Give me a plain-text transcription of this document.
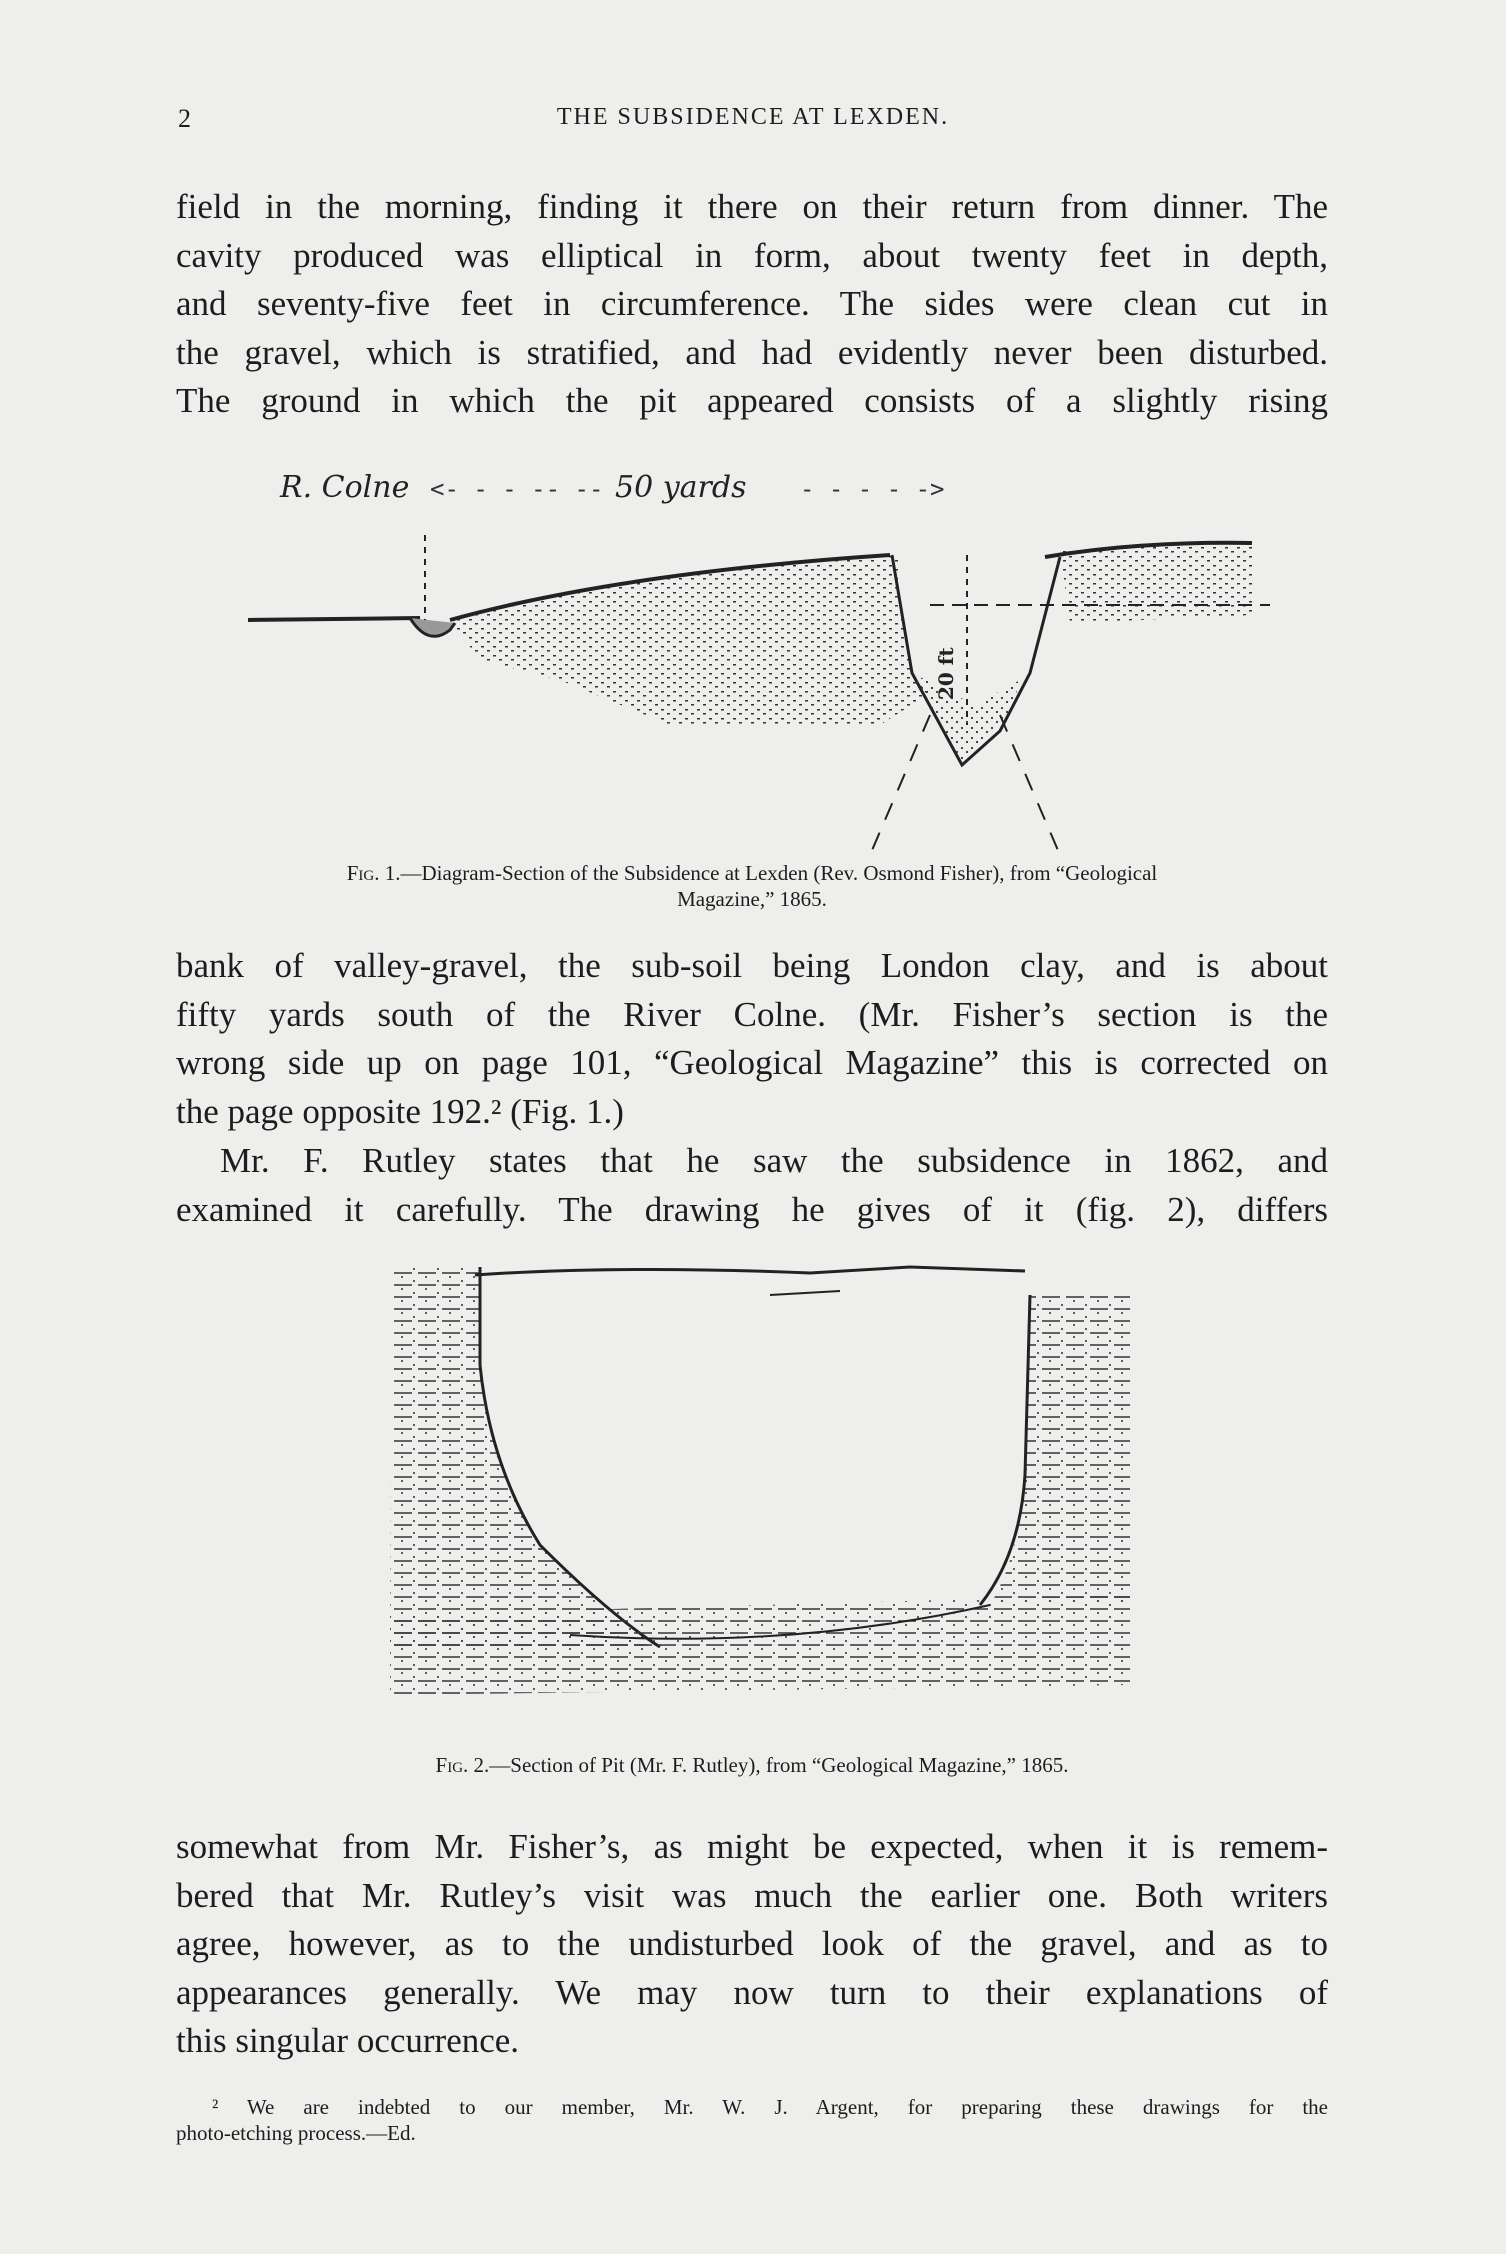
2	THE SUBSIDENCE AT LEXDEN.

field in the morning, finding it there on their return from dinner. The
cavity produced was elliptical in form, about twenty feet in depth,
and seventy-five feet in circumference. The sides were clean cut in
the gravel, which is stratified, and had evidently never been disturbed.
The ground in which the pit appeared consists of a slightly rising

R. Colne <- - - -- -- 50 yards - - - - ->
20 ft
Fig. 1.—Diagram-Section of the Subsidence at Lexden (Rev. Osmond Fisher), from “Geological
Magazine,” 1865.

bank of valley-gravel, the sub-soil being London clay, and is about
fifty yards south of the River Colne. (Mr. Fisher’s section is the
wrong side up on page 101, “Geological Magazine” this is corrected on
the page opposite 192.² (Fig. 1.)

Mr. F. Rutley states that he saw the subsidence in 1862, and
examined it carefully. The drawing he gives of it (fig. 2), differs

Fig. 2.—Section of Pit (Mr. F. Rutley), from “Geological Magazine,” 1865.

somewhat from Mr. Fisher’s, as might be expected, when it is remem-
bered that Mr. Rutley’s visit was much the earlier one. Both writers
agree, however, as to the undisturbed look of the gravel, and as to
appearances generally. We may now turn to their explanations of
this singular occurrence.

² We are indebted to our member, Mr. W. J. Argent, for preparing these drawings for the
photo-etching process.—Ed.
